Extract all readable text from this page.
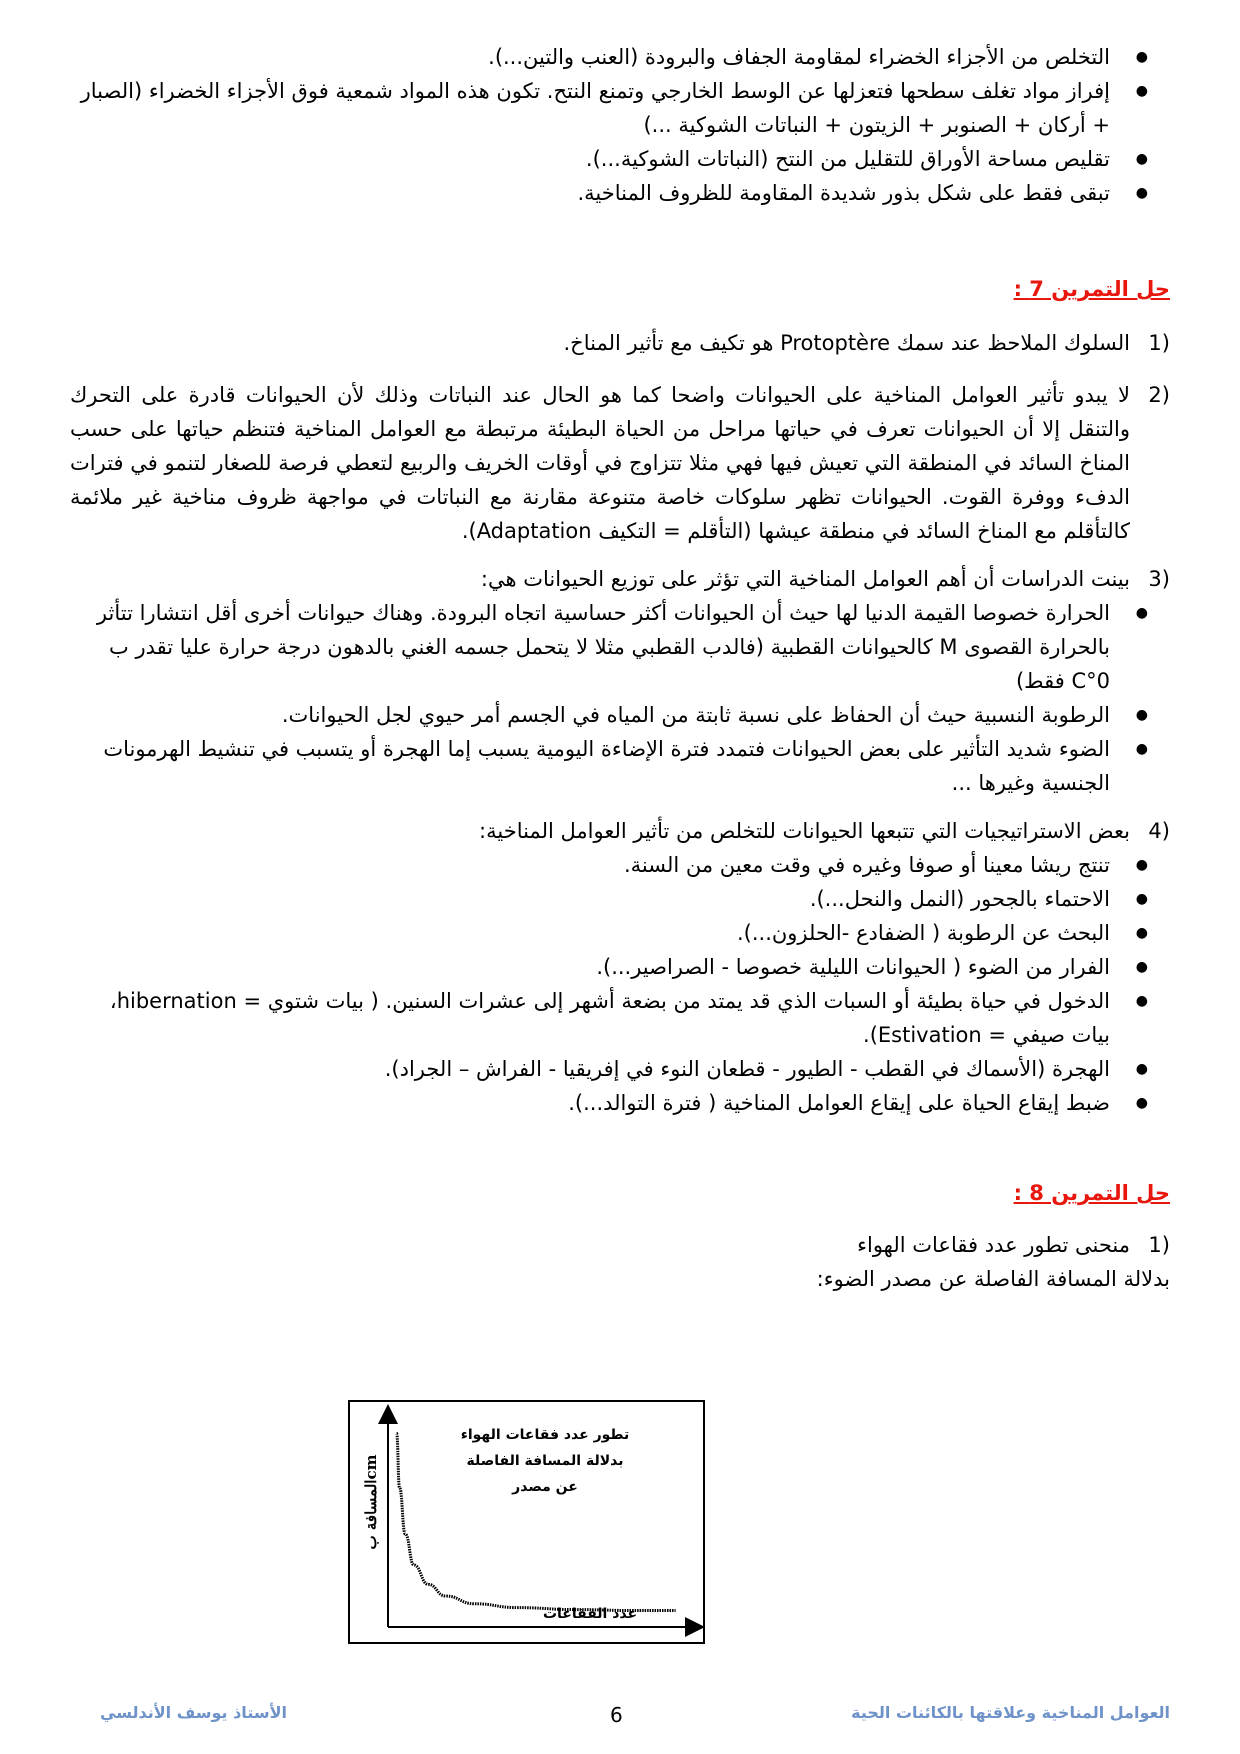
● التخلص من الأجزاء الخضراء لمقاومة الجفاف والبرودة (العنب والتين...).
● إفراز مواد تغلف سطحها فتعزلها عن الوسط الخارجي وتمنع النتح. تكون هذه المواد شمعية فوق الأجزاء الخضراء (الصبار + أركان + الصنوبر + الزيتون + النباتات الشوكية ...)
● تقليص مساحة الأوراق للتقليل من النتح (النباتات الشوكية...).
● تبقى فقط على شكل بذور شديدة المقاومة للظروف المناخية.
حل التمرين 7 :
(1
السلوك الملاحظ عند سمك Protoptère هو تكيف مع تأثير المناخ.
(2
لا يبدو تأثير العوامل المناخية على الحيوانات واضحا كما هو الحال عند النباتات وذلك لأن الحيوانات قادرة على التحرك والتنقل إلا أن الحيوانات تعرف في حياتها مراحل من الحياة البطيئة مرتبطة مع العوامل المناخية فتنظم حياتها على حسب المناخ السائد في المنطقة التي تعيش فيها فهي مثلا تتزاوج في أوقات الخريف والربيع لتعطي فرصة للصغار لتنمو في فترات الدفء ووفرة القوت. الحيوانات تظهر سلوكات خاصة متنوعة مقارنة مع النباتات في مواجهة ظروف مناخية غير ملائمة كالتأقلم مع المناخ السائد في منطقة عيشها (التأقلم = التكيف Adaptation).
(3
بينت الدراسات أن أهم العوامل المناخية التي تؤثر على توزيع الحيوانات هي:
● الحرارة خصوصا القيمة الدنيا لها حيث أن الحيوانات أكثر حساسية اتجاه البرودة. وهناك حيوانات أخرى أقل انتشارا تتأثر بالحرارة القصوى M كالحيوانات القطبية (فالدب القطبي مثلا لا يتحمل جسمه الغني بالدهون درجة حرارة عليا تقدر ب 0°C فقط)
● الرطوبة النسبية حيث أن الحفاظ على نسبة ثابتة من المياه في الجسم أمر حيوي لجل الحيوانات.
● الضوء شديد التأثير على بعض الحيوانات فتمدد فترة الإضاءة اليومية يسبب إما الهجرة أو يتسبب في تنشيط الهرمونات الجنسية وغيرها ...
(4
بعض الاستراتيجيات التي تتبعها الحيوانات للتخلص من تأثير العوامل المناخية:
● تنتج ريشا معينا أو صوفا وغيره في وقت معين من السنة.
● الاحتماء بالجحور (النمل والنحل...).
● البحث عن الرطوبة ( الضفادع -الحلزون...).
● الفرار من الضوء ( الحيوانات الليلية خصوصا - الصراصير...).
● الدخول في حياة بطيئة أو السبات الذي قد يمتد من بضعة أشهر إلى عشرات السنين. ( بيات شتوي = hibernation، بيات صيفي = Estivation).
● الهجرة (الأسماك في القطب - الطيور - قطعان النوء في إفريقيا - الفراش – الجراد).
● ضبط إيقاع الحياة على إيقاع العوامل المناخية ( فترة التوالد...).
حل التمرين 8 :
(1
منحنى تطور عدد فقاعات الهواء
بدلالة المسافة الفاصلة عن مصدر الضوء:
المسافة بcm
عدد الفقاعات
تطور عدد فقاعات الهواء بدلالة المسافة الفاصلة عن مصدر
العوامل المناخية وعلاقتها بالكائنات الحية
6
الأستاذ يوسف الأندلسي
